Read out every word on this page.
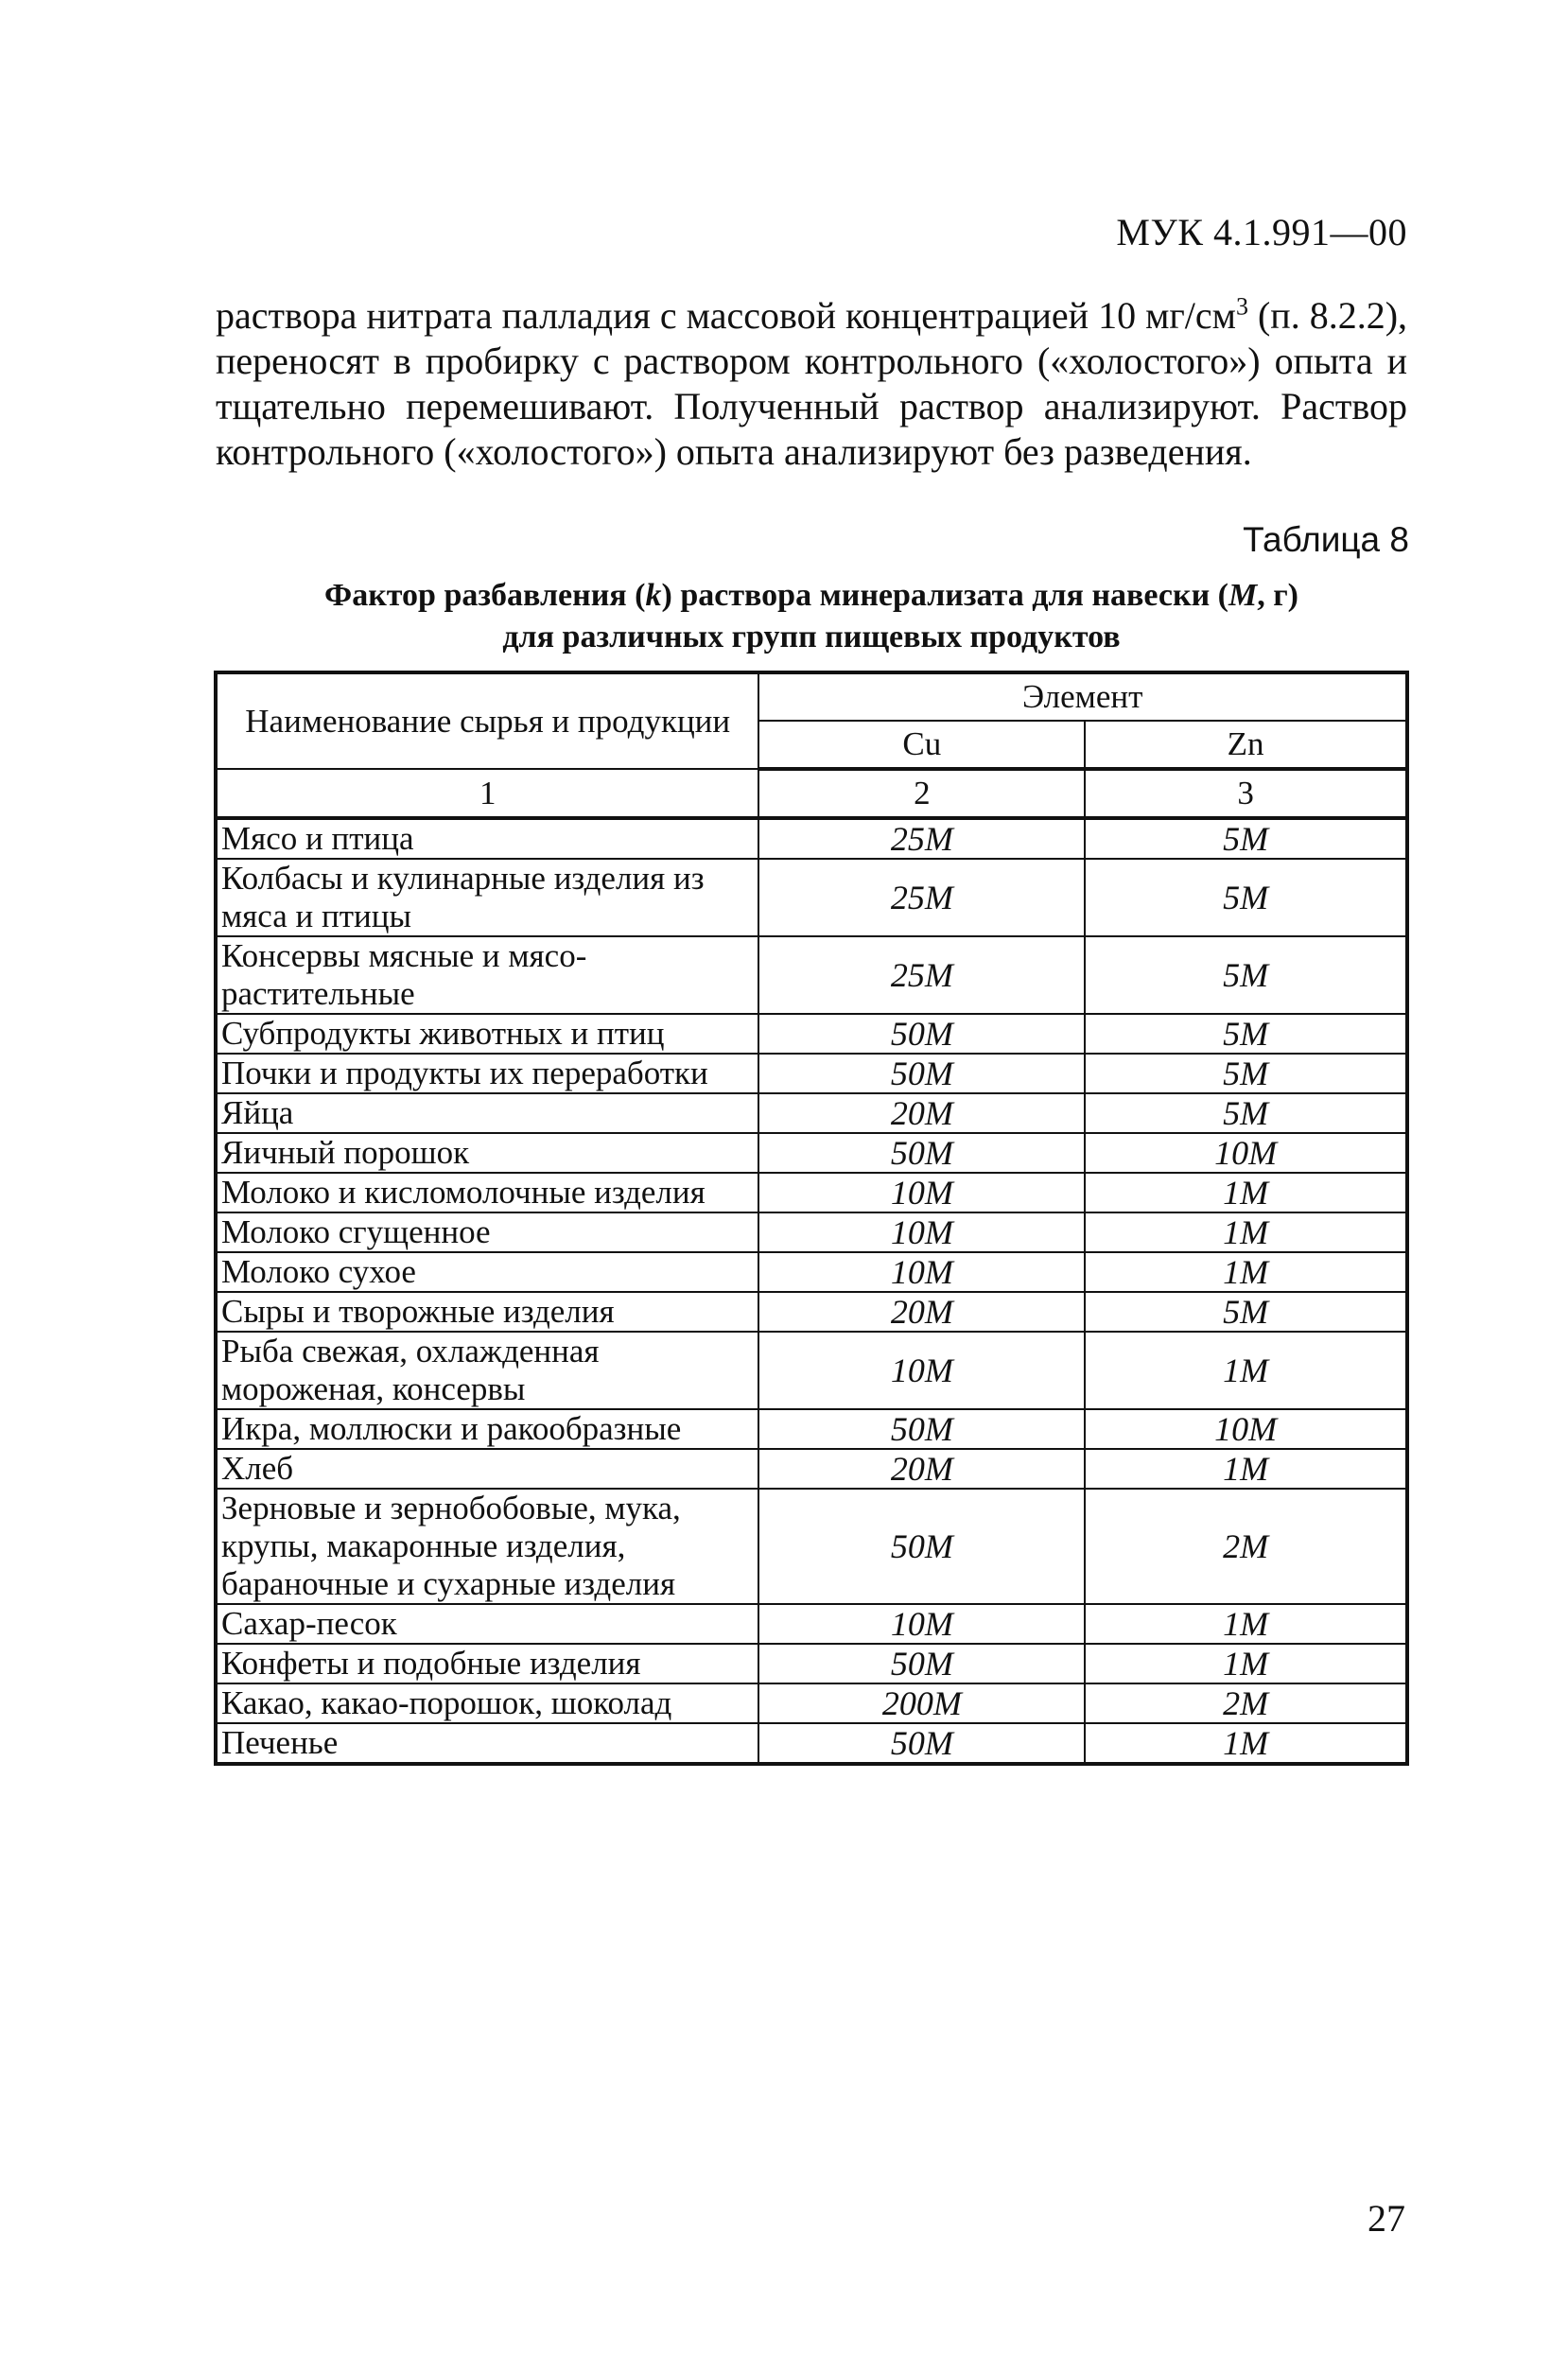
МУК 4.1.991—00
раствора нитрата палладия с массовой концентрацией 10 $мг/см^3$ (п. 8.2.2), переносят в пробирку с раствором контрольного («холостого») опыта и тщательно перемешивают. Полученный раствор анализируют. Раствор контрольного («холостого») опыта анализируют без разведения.
Таблица 8
Фактор разбавления (k) раствора минерализата для навески (M, г)
для различных групп пищевых продуктов
Наименование сырья и продукции	Элемент	
	Cu	Zn
1	2	3
Мясо и птица	25M	5M
Колбасы и кулинарные изделия из мяса и птицы	25M	5M
Консервы мясные и мясо-растительные	25M	5M
Субпродукты животных и птиц	50M	5M
Почки и продукты их переработки	50M	5M
Яйца	20M	5M
Яичный порошок	50M	10M
Молоко и кисломолочные изделия	10M	1M
Молоко сгущенное	10M	1M
Молоко сухое	10M	1M
Сыры и творожные изделия	20M	5M
Рыба свежая, охлажденная мороженая, консервы	10M	1M
Икра, моллюски и ракообразные	50M	10M
Хлеб	20M	1M
Зерновые и зернобобовые, мука, крупы, макаронные изделия, бараночные и сухарные изделия	50M	2M
Сахар-песок	10M	1M
Конфеты и подобные изделия	50M	1M
Какао, какао-порошок, шоколад	200M	2M
Печенье	50M	1M
27
